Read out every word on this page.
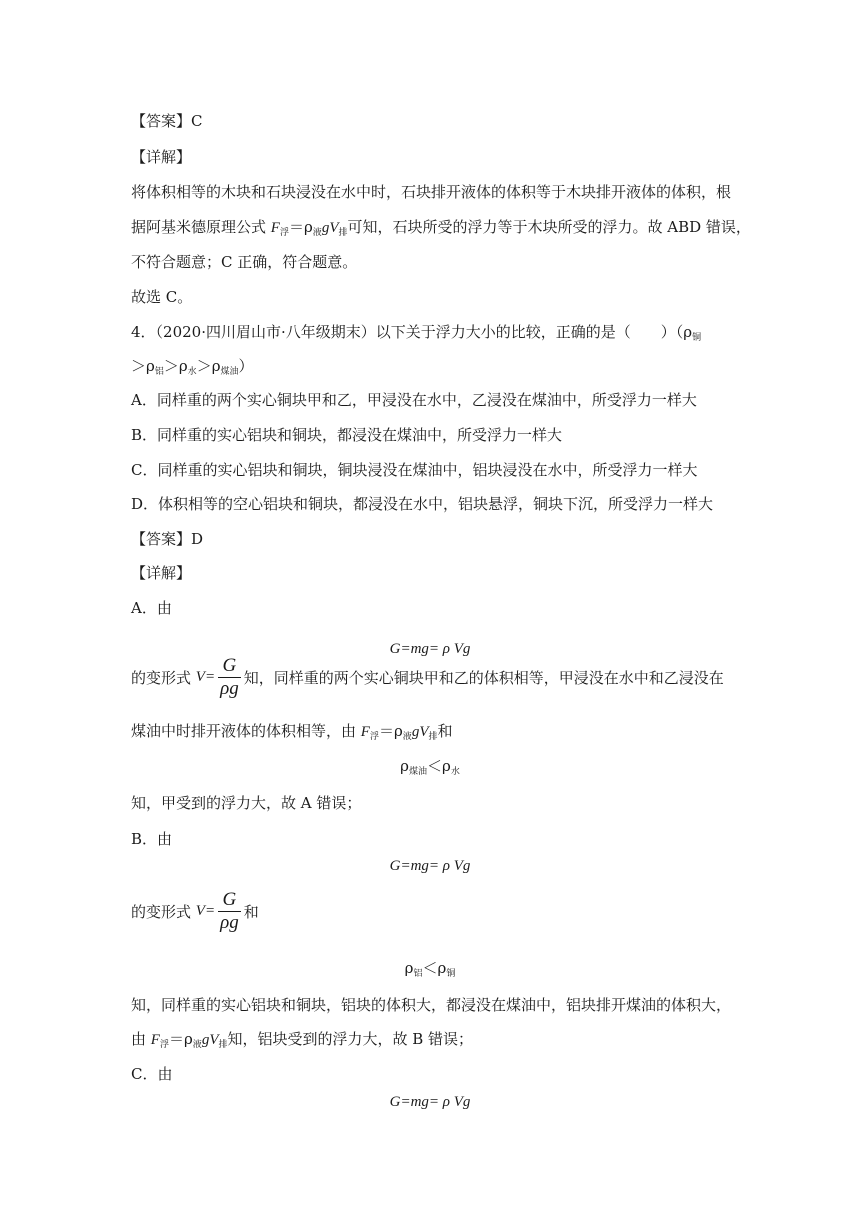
【答案】C
【详解】
将体积相等的木块和石块浸没在水中时，石块排开液体的体积等于木块排开液体的体积，根
据阿基米德原理公式 $F_浮=\rho_液gV_排$可知，石块所受的浮力等于木块所受的浮力。故 ABD 错误，
不符合题意；C 正确，符合题意。
故选 C。
4．（2020·四川眉山市·八年级期末）以下关于浮力大小的比较，正确的是（　　）（$\rho_铜$
$>\rho_铝>\rho_水>\rho_{煤油}$）
A．同样重的两个实心铜块甲和乙，甲浸没在水中，乙浸没在煤油中，所受浮力一样大
B．同样重的实心铝块和铜块，都浸没在煤油中，所受浮力一样大
C．同样重的实心铝块和铜块，铜块浸没在煤油中，铝块浸没在水中，所受浮力一样大
D．体积相等的空心铝块和铜块，都浸没在水中，铝块悬浮，铜块下沉，所受浮力一样大
【答案】D
【详解】
A．由
G=mg= ρ Vg
的变形式 $V= \frac{G}{\rho g}$ 知，同样重的两个实心铜块甲和乙的体积相等，甲浸没在水中和乙浸没在
煤油中时排开液体的体积相等，由 $F_浮=\rho_液gV_排$和
$\rho_{煤油}<\rho_水$
知，甲受到的浮力大，故 A 错误；
B．由
G=mg= ρ Vg
的变形式 $V= \frac{G}{\rho g}$ 和
$\rho_铝<\rho_铜$
知，同样重的实心铝块和铜块，铝块的体积大，都浸没在煤油中，铝块排开煤油的体积大，
由 $F_浮=\rho_液gV_排$知，铝块受到的浮力大，故 B 错误；
C．由
G=mg= ρ Vg
